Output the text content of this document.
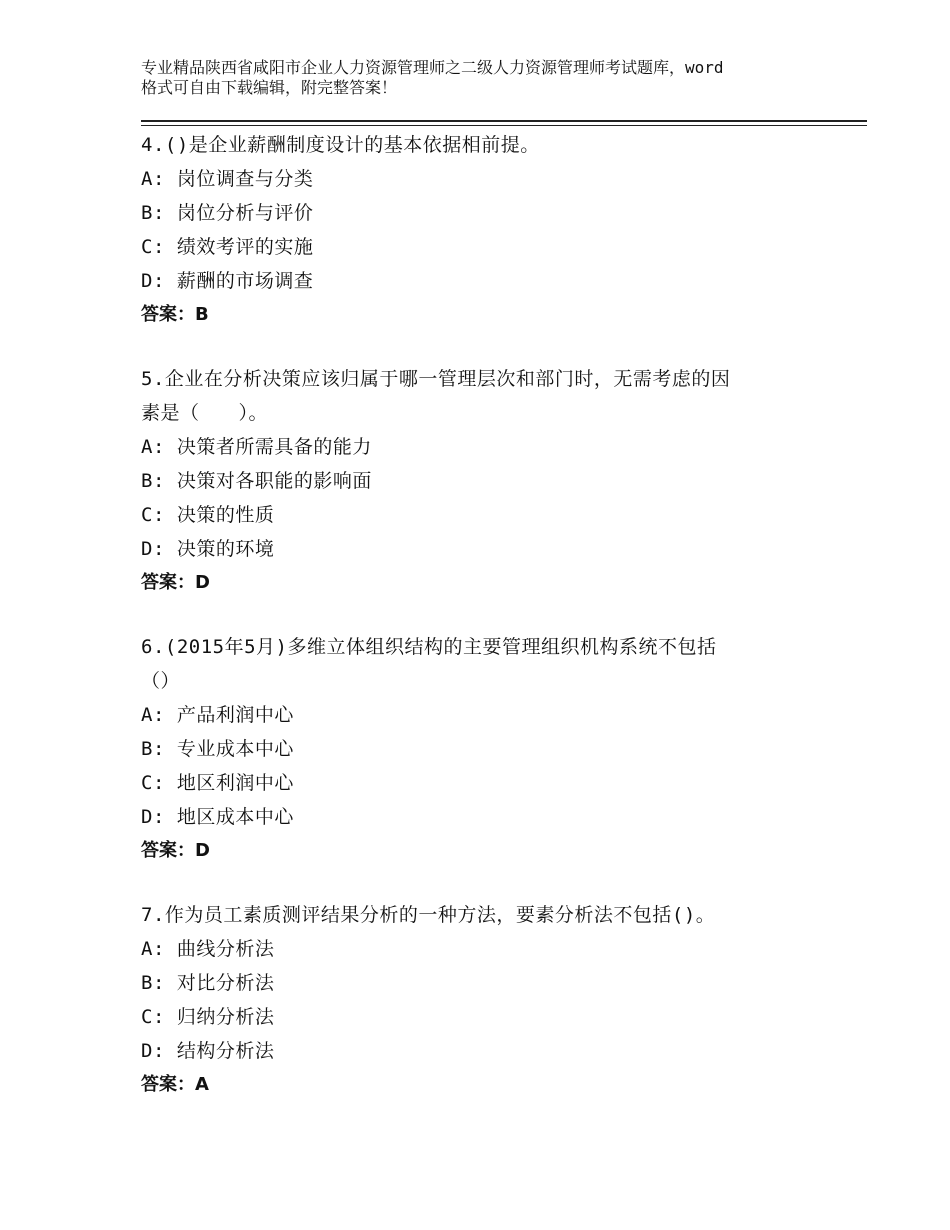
专业精品陕西省咸阳市企业人力资源管理师之二级人力资源管理师考试题库，word
格式可自由下载编辑，附完整答案！
4.()是企业薪酬制度设计的基本依据相前提。
A: 岗位调查与分类
B: 岗位分析与评价
C: 绩效考评的实施
D: 薪酬的市场调查
答案：B
5.企业在分析决策应该归属于哪一管理层次和部门时，无需考虑的因
素是（　　）。
A: 决策者所需具备的能力
B: 决策对各职能的影响面
C: 决策的性质
D: 决策的环境
答案：D
6.(2015年5月)多维立体组织结构的主要管理组织机构系统不包括
（）
A: 产品利润中心
B: 专业成本中心
C: 地区利润中心
D: 地区成本中心
答案：D
7.作为员工素质测评结果分析的一种方法，要素分析法不包括()。
A: 曲线分析法
B: 对比分析法
C: 归纳分析法
D: 结构分析法
答案：A
